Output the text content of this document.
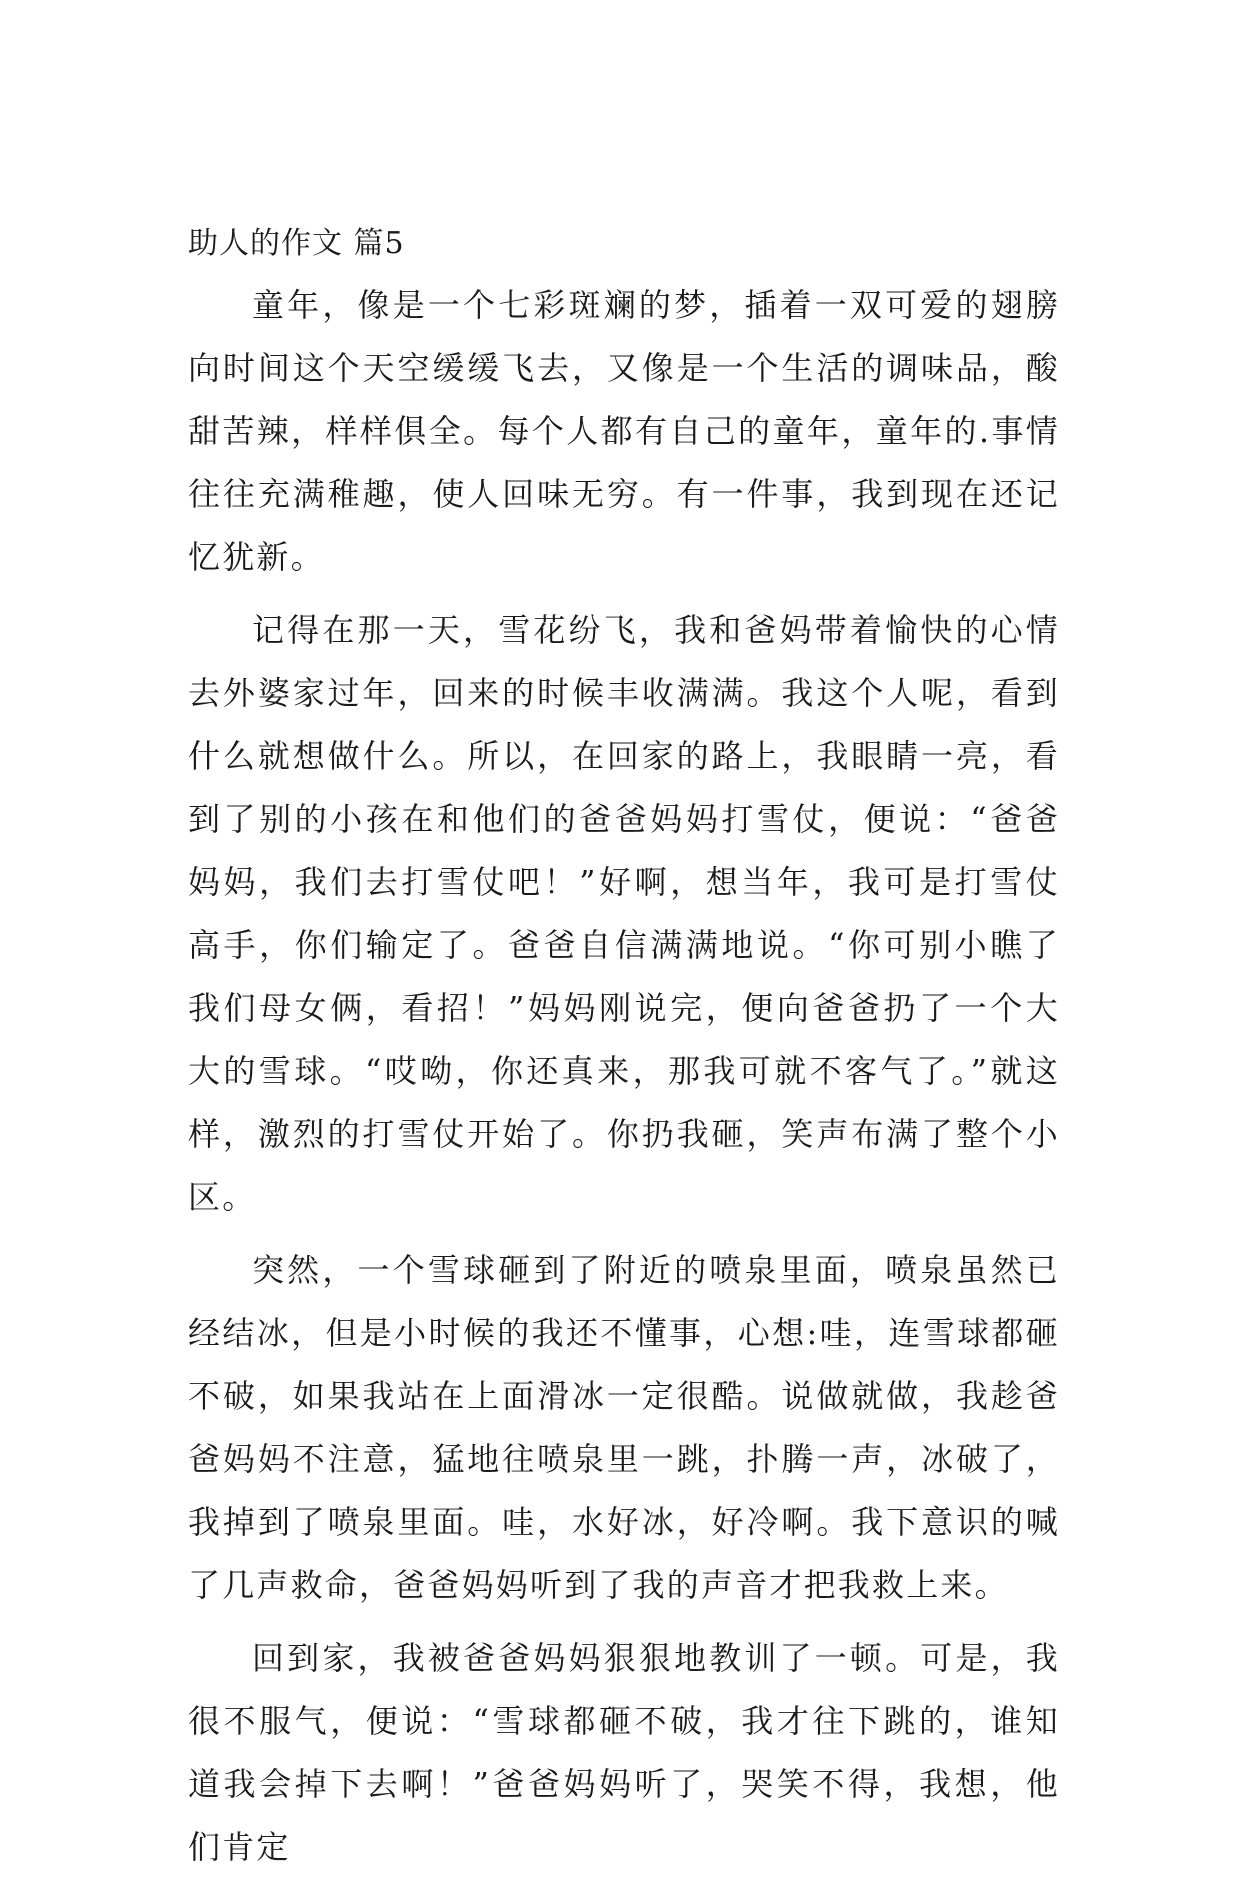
助人的作文 篇5

童年，像是一个七彩斑斓的梦，插着一双可爱的翅膀向时间这个天空缓缓飞去，又像是一个生活的调味品，酸甜苦辣，样样俱全。每个人都有自己的童年，童年的.事情往往充满稚趣，使人回味无穷。有一件事，我到现在还记忆犹新。

记得在那一天，雪花纷飞，我和爸妈带着愉快的心情去外婆家过年，回来的时候丰收满满。我这个人呢，看到什么就想做什么。所以，在回家的路上，我眼睛一亮，看到了别的小孩在和他们的爸爸妈妈打雪仗，便说：“爸爸妈妈，我们去打雪仗吧！”好啊，想当年，我可是打雪仗高手，你们输定了。爸爸自信满满地说。“你可别小瞧了我们母女俩，看招！”妈妈刚说完，便向爸爸扔了一个大大的雪球。“哎呦，你还真来，那我可就不客气了。”就这样，激烈的打雪仗开始了。你扔我砸，笑声布满了整个小区。

突然，一个雪球砸到了附近的喷泉里面，喷泉虽然已经结冰，但是小时候的我还不懂事，心想:哇，连雪球都砸不破，如果我站在上面滑冰一定很酷。说做就做，我趁爸爸妈妈不注意，猛地往喷泉里一跳，扑腾一声，冰破了，我掉到了喷泉里面。哇，水好冰，好冷啊。我下意识的喊了几声救命，爸爸妈妈听到了我的声音才把我救上来。

回到家，我被爸爸妈妈狠狠地教训了一顿。可是，我很不服气，便说：“雪球都砸不破，我才往下跳的，谁知道我会掉下去啊！”爸爸妈妈听了，哭笑不得，我想，他们肯定
